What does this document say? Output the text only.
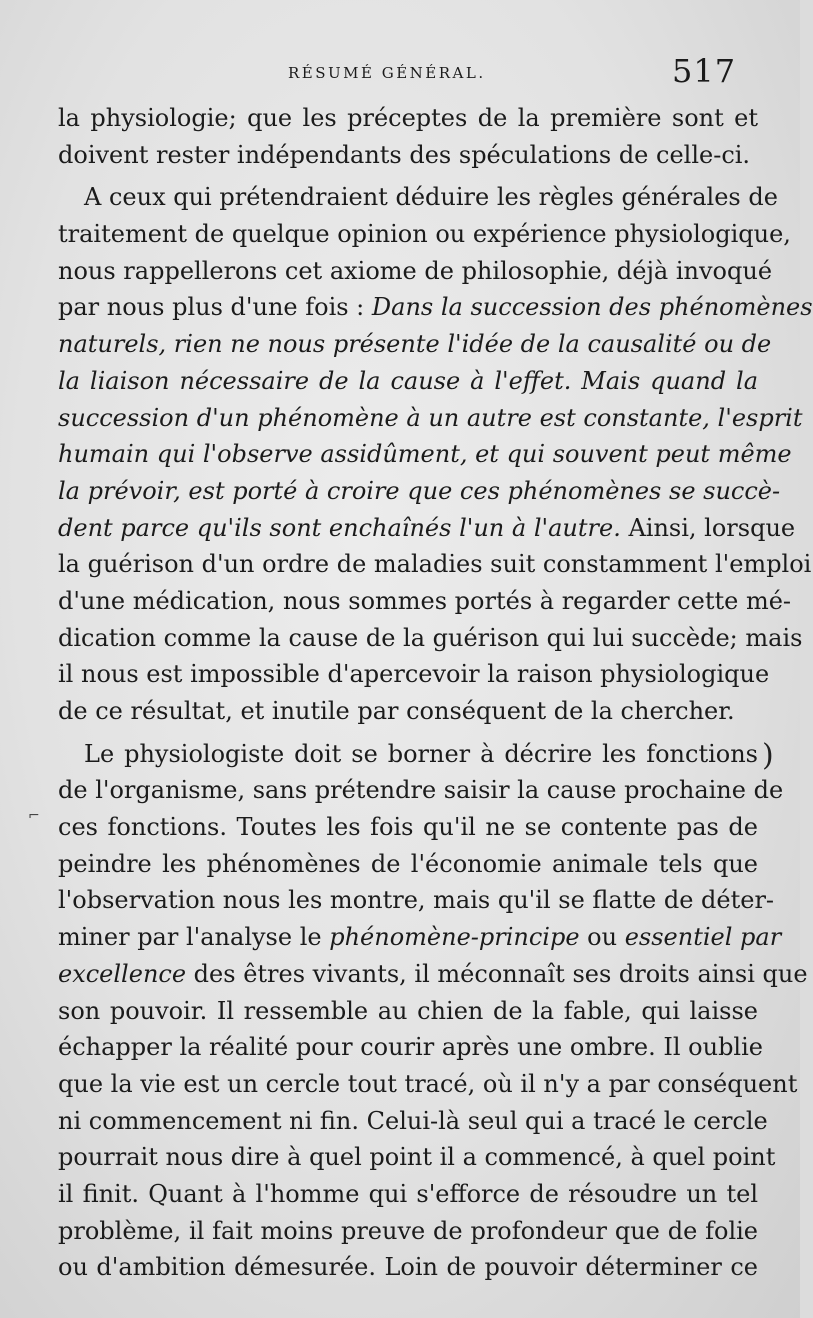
RÉSUMÉ GÉNÉRAL.	517
⌐
)
la physiologie; que les préceptes de la première sont et
doivent rester indépendants des spéculations de celle-ci.
A ceux qui prétendraient déduire les règles générales de
traitement de quelque opinion ou expérience physiologique,
nous rappellerons cet axiome de philosophie, déjà invoqué
par nous plus d'une fois : Dans la succession des phénomènes
naturels, rien ne nous présente l'idée de la causalité ou de
la liaison nécessaire de la cause à l'effet. Mais quand la
succession d'un phénomène à un autre est constante, l'esprit
humain qui l'observe assidûment, et qui souvent peut même
la prévoir, est porté à croire que ces phénomènes se succè-
dent parce qu'ils sont enchaînés l'un à l'autre. Ainsi, lorsque
la guérison d'un ordre de maladies suit constamment l'emploi
d'une médication, nous sommes portés à regarder cette mé-
dication comme la cause de la guérison qui lui succède; mais
il nous est impossible d'apercevoir la raison physiologique
de ce résultat, et inutile par conséquent de la chercher.
Le physiologiste doit se borner à décrire les fonctions
de l'organisme, sans prétendre saisir la cause prochaine de
ces fonctions. Toutes les fois qu'il ne se contente pas de
peindre les phénomènes de l'économie animale tels que
l'observation nous les montre, mais qu'il se flatte de déter-
miner par l'analyse le phénomène-principe ou essentiel par
excellence des êtres vivants, il méconnaît ses droits ainsi que
son pouvoir. Il ressemble au chien de la fable, qui laisse
échapper la réalité pour courir après une ombre. Il oublie
que la vie est un cercle tout tracé, où il n'y a par conséquent
ni commencement ni fin. Celui-là seul qui a tracé le cercle
pourrait nous dire à quel point il a commencé, à quel point
il finit. Quant à l'homme qui s'efforce de résoudre un tel
problème, il fait moins preuve de profondeur que de folie
ou d'ambition démesurée. Loin de pouvoir déterminer ce
